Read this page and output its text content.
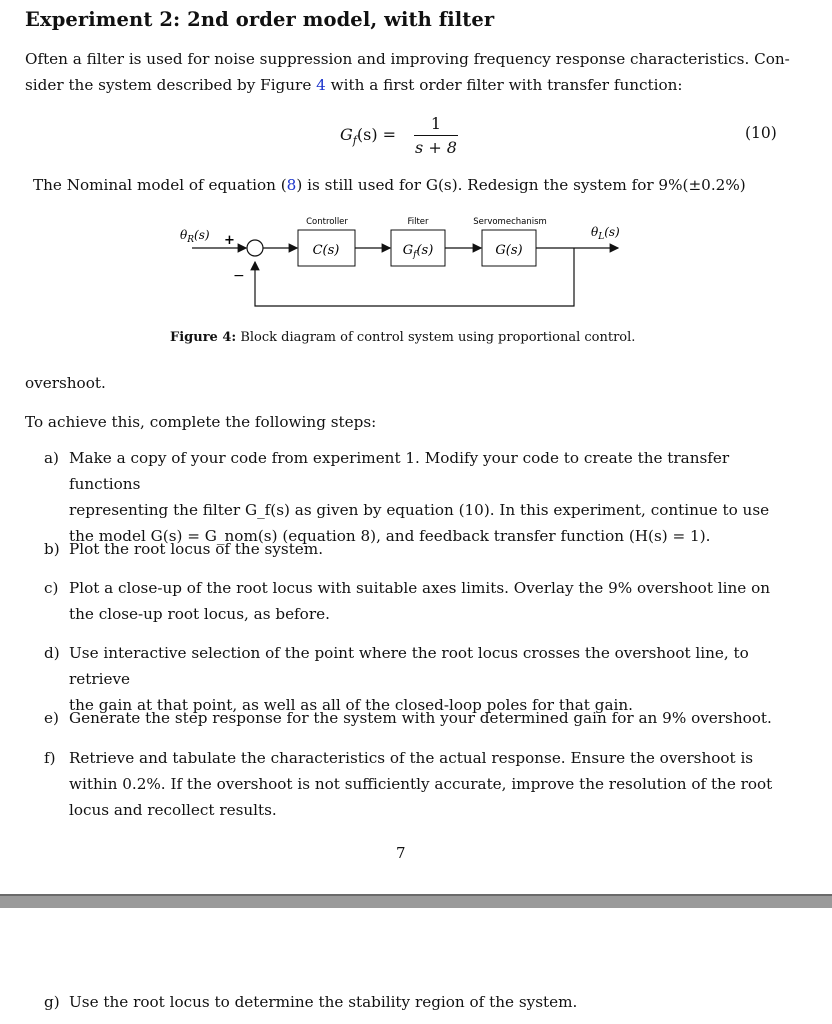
Experiment 2: 2nd order model, with filter

Often a filter is used for noise suppression and improving frequency response characteristics. Con-
sider the system described by Figure 4 with a first order filter with transfer function:

$G_f(s)$ =
1
s + 8
(10)

The Nominal model of equation (8) is still used for G(s). Redesign the system for 9%(±0.2%)

$\theta_R(s)$ +
−
Controller
C(s)
Filter
$G_f(s)$
Servomechanism
G(s)
$\theta_L(s)$
Figure 4: Block diagram of control system using proportional control.

overshoot.

To achieve this, complete the following steps:

a) Make a copy of your code from experiment 1. Modify your code to create the transfer functions
representing the filter G_f(s) as given by equation (10). In this experiment, continue to use
the model G(s) = G_nom(s) (equation 8), and feedback transfer function (H(s) = 1).
b) Plot the root locus of the system.
c) Plot a close-up of the root locus with suitable axes limits. Overlay the 9% overshoot line on
the close-up root locus, as before.
d) Use interactive selection of the point where the root locus crosses the overshoot line, to retrieve
the gain at that point, as well as all of the closed-loop poles for that gain.
e) Generate the step response for the system with your determined gain for an 9% overshoot.
f) Retrieve and tabulate the characteristics of the actual response. Ensure the overshoot is
within 0.2%. If the overshoot is not sufficiently accurate, improve the resolution of the root
locus and recollect results.
7
g) Use the root locus to determine the stability region of the system.
